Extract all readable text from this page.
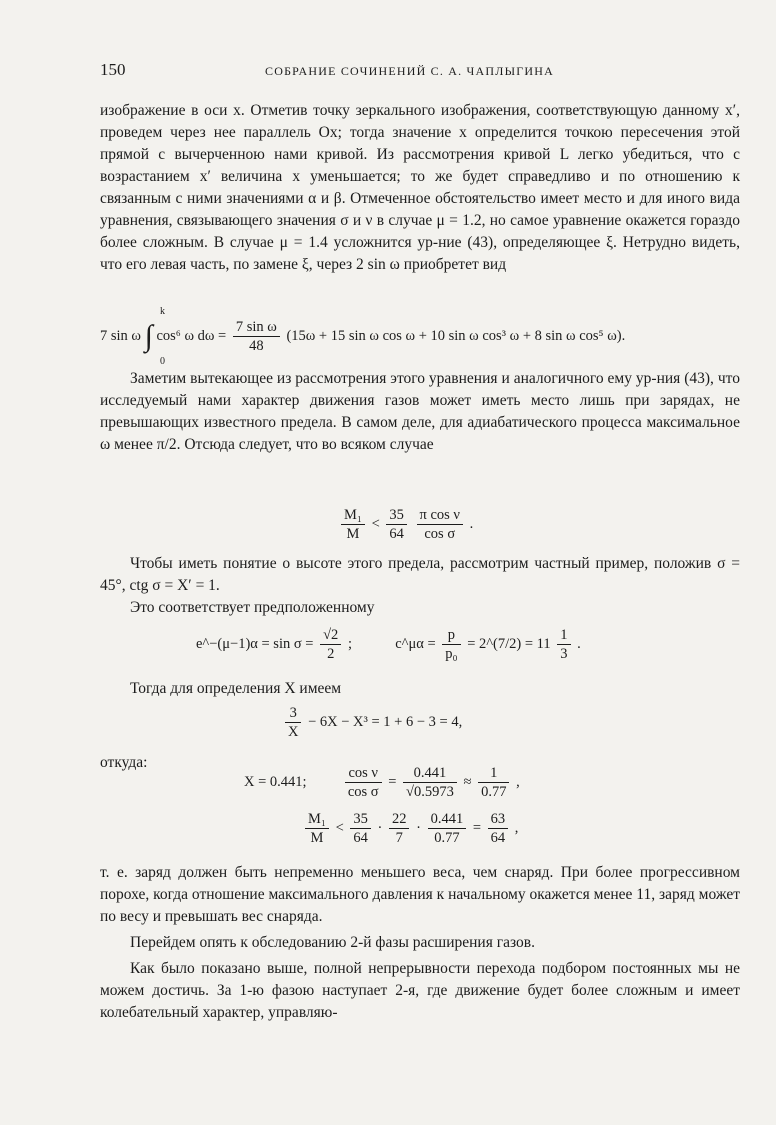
150	СОБРАНИЕ СОЧИНЕНИЙ С. А. ЧАПЛЫГИНА
изображение в оси x. Отметив точку зеркального изображения, соответствующую данному x′, проведем через нее параллель Ox; тогда значение x определится точкою пересечения этой прямой с вычерченною нами кривой. Из рассмотрения кривой L легко убедиться, что с возрастанием x′ величина x уменьшается; то же будет справедливо и по отношению к связанным с ними значениями α и β. Отмеченное обстоятельство имеет место и для иного вида уравнения, связывающего значения σ и ν в случае μ = 1.2, но самое уравнение окажется гораздо более сложным. В случае μ = 1.4 усложнится ур-ние (43), определяющее ξ. Нетрудно видеть, что его левая часть, по замене ξ, через 2 sin ω приобретет вид
7 sin ω ∫ cos⁶ ω $d\omega = \frac{\text{7 sin ω}}{48} (15\omega + 15$ sin ω cos ω + 10 sin ω cos³ ω + 8 sin ω cos⁵ ω).
k
0
Заметим вытекающее из рассмотрения этого уравнения и аналогичного ему ур-ния (43), что исследуемый нами характер движения газов может иметь место лишь при зарядах, не превышающих известного предела. В самом деле, для адиабатического процесса максимальное ω менее π/2. Отсюда следует, что во всяком случае
$\frac{\text{M₁}}{M} < \frac{35}{64}$
$\frac{\text{π cos ν}}{\text{cos σ}}$ .
Чтобы иметь понятие о высоте этого предела, рассмотрим частный пример, положив σ = 45°, ctg σ = X′ = 1.
Это соответствует предположенному
e^−(μ−1)α = $\sin \sigma = \frac{√2}{2}$ ;	c^μα = $\frac{p}{\text{p₀}}$ = 2^(7/2) = $11 \frac{1}{3}$ .
Тогда для определения X имеем
$\frac{3}{X} - 6X - X^3 = 1 + 6 - 3 = 4$,
откуда:
X = 0.441;	$\frac{\text{cos ν}}{\text{cos σ}} = \frac{0.441}{√0.5973} \approx \frac{1}{0.77}$ ,
$\frac{\text{M₁}}{M} < \frac{35}{64} \cdot \frac{22}{7} \cdot \frac{0.441}{0.77} = \frac{63}{64}$ ,
т. е. заряд должен быть непременно меньшего веса, чем снаряд. При более прогрессивном порохе, когда отношение максимального давления к начальному окажется менее 11, заряд может по весу и превышать вес снаряда.
Перейдем опять к обследованию 2-й фазы расширения газов.
Как было показано выше, полной непрерывности перехода подбором постоянных мы не можем достичь. За 1-ю фазою наступает 2-я, где движение будет более сложным и имеет колебательный характер, управляю-
